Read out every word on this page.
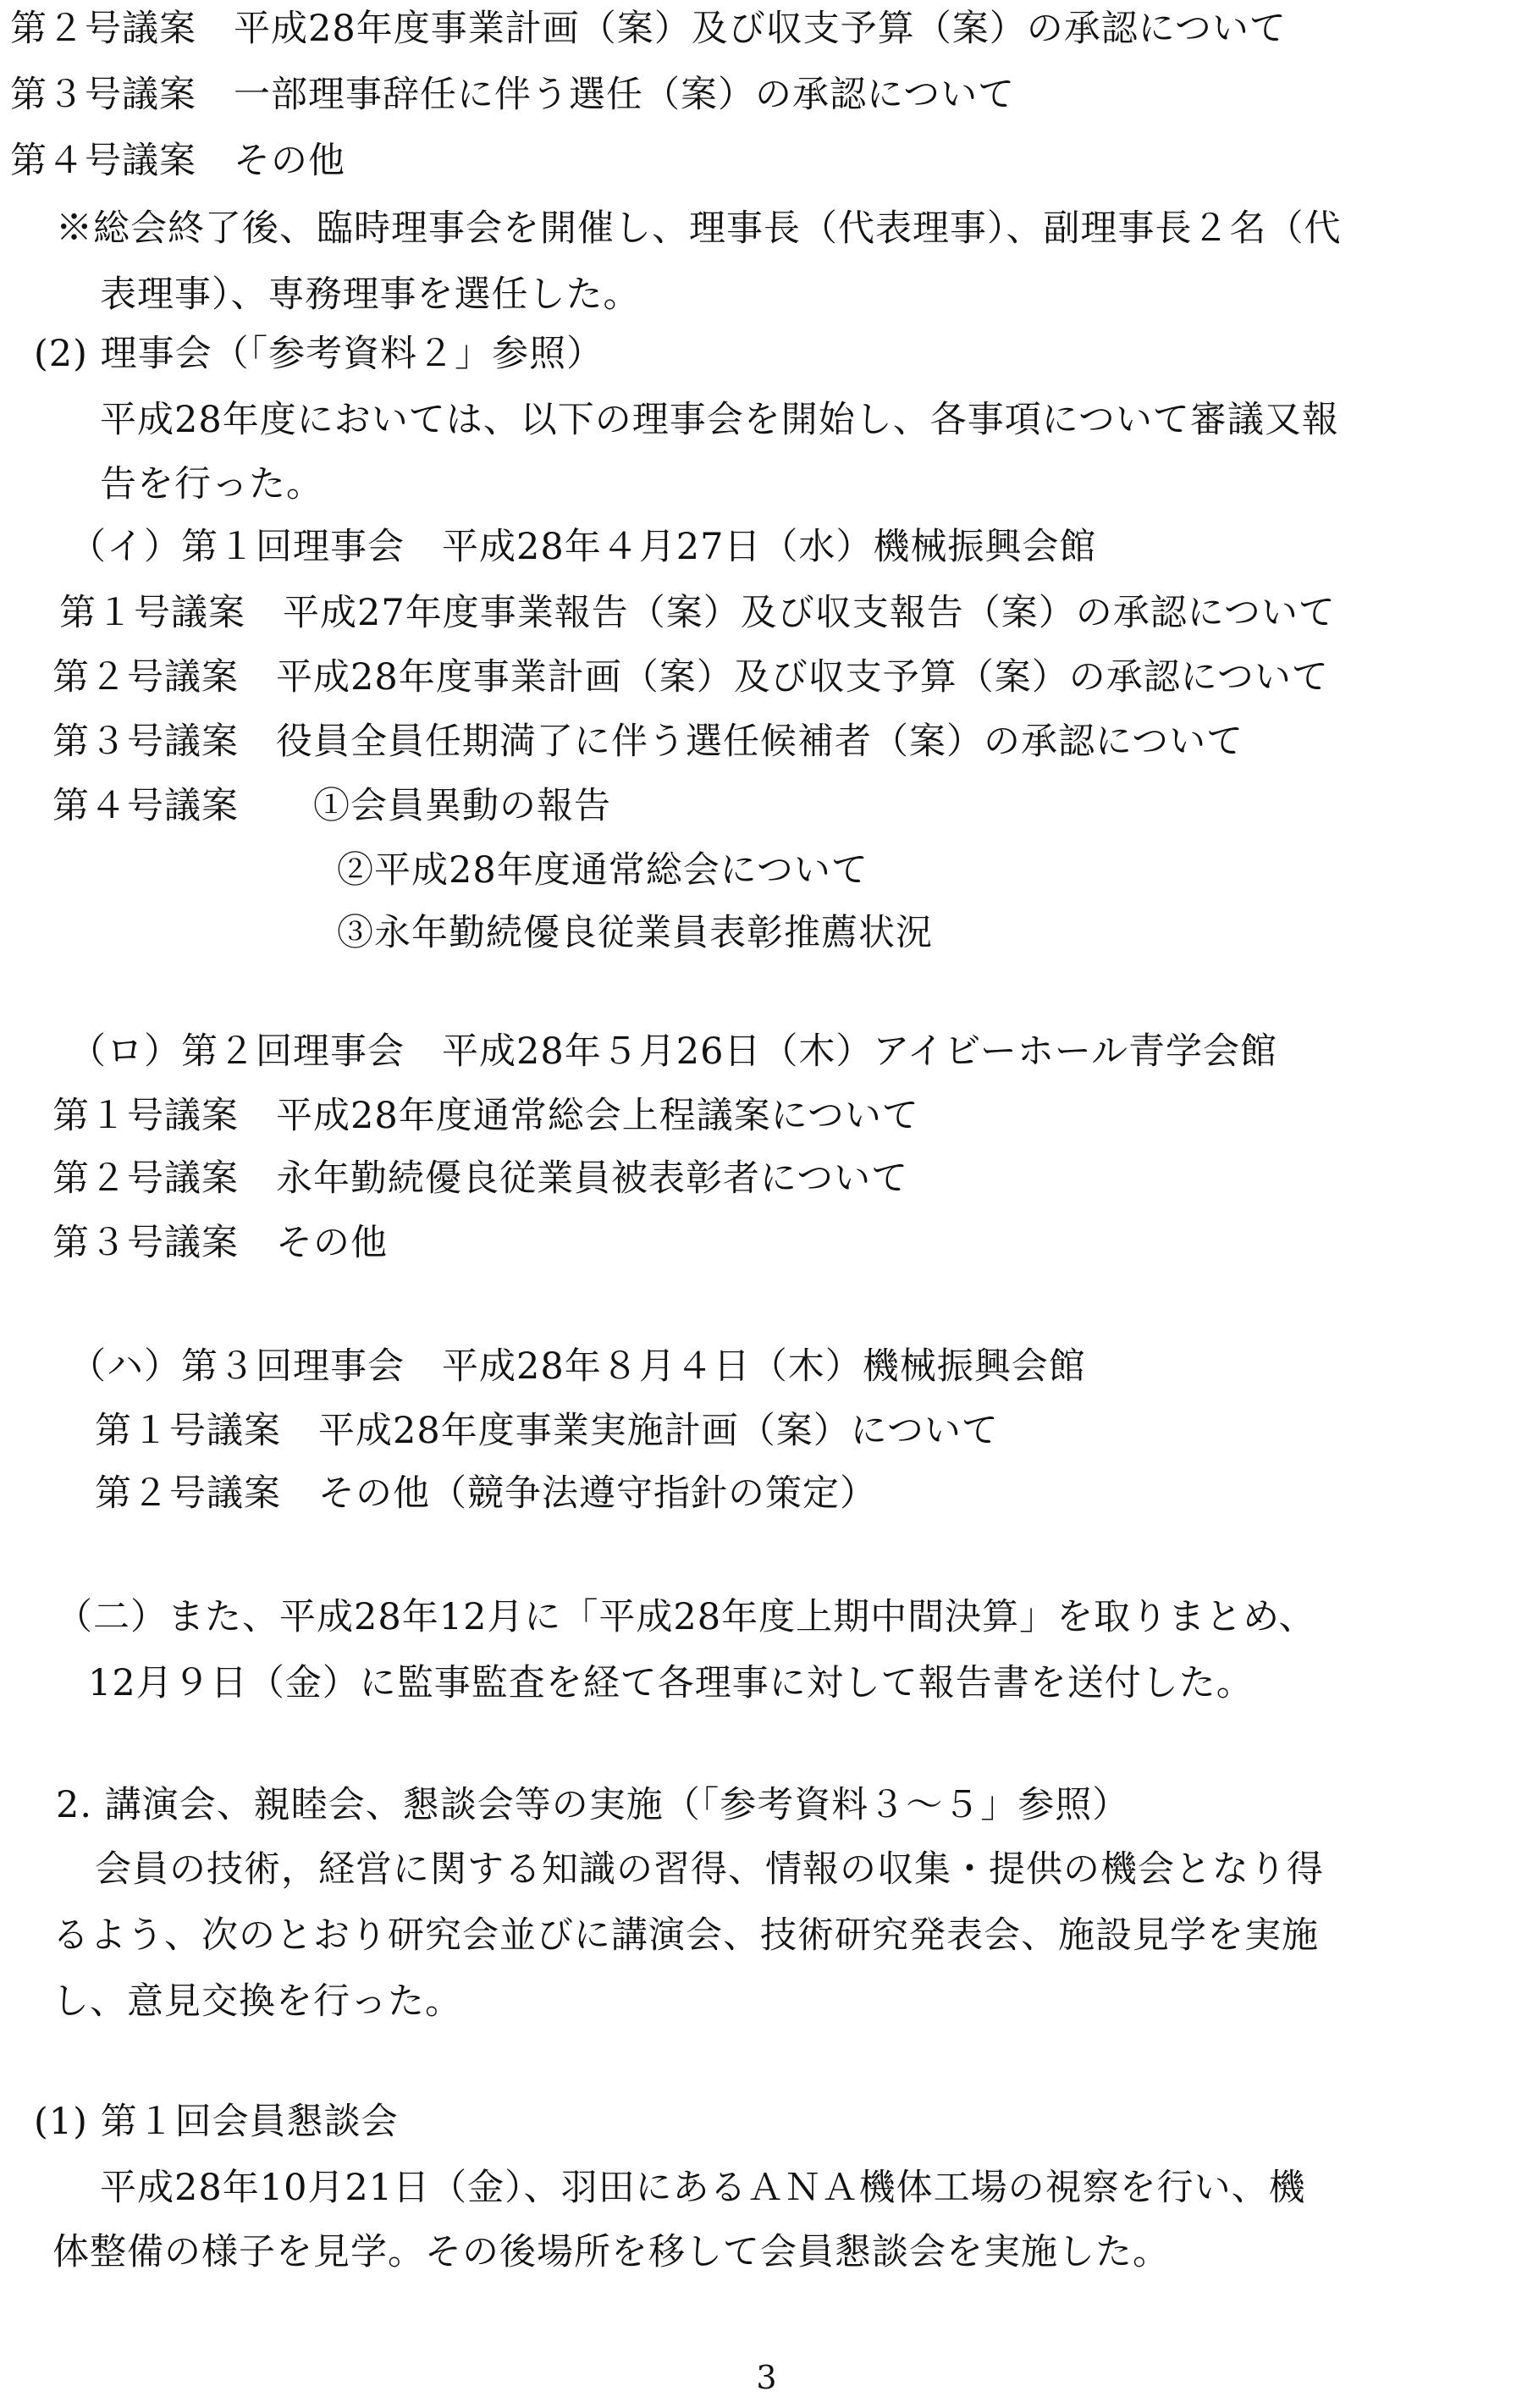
第２号議案　平成28年度事業計画（案）及び収支予算（案）の承認について
第３号議案　一部理事辞任に伴う選任（案）の承認について
第４号議案　その他
※総会終了後、臨時理事会を開催し、理事長（代表理事）、副理事長２名（代
表理事）、専務理事を選任した。
(2) 理事会（「参考資料２」参照）
平成28年度においては、以下の理事会を開始し、各事項について審議又報
告を行った。
（イ）第１回理事会　平成28年４月27日（水）機械振興会館
第１号議案　平成27年度事業報告（案）及び収支報告（案）の承認について
第２号議案　平成28年度事業計画（案）及び収支予算（案）の承認について
第３号議案　役員全員任期満了に伴う選任候補者（案）の承認について
第４号議案　　①会員異動の報告
②平成28年度通常総会について
③永年勤続優良従業員表彰推薦状況
（ロ）第２回理事会　平成28年５月26日（木）アイビーホール青学会館
第１号議案　平成28年度通常総会上程議案について
第２号議案　永年勤続優良従業員被表彰者について
第３号議案　その他
（ハ）第３回理事会　平成28年８月４日（木）機械振興会館
第１号議案　平成28年度事業実施計画（案）について
第２号議案　その他（競争法遵守指針の策定）
（二）また、平成28年12月に「平成28年度上期中間決算」を取りまとめ、
12月９日（金）に監事監査を経て各理事に対して報告書を送付した。
2. 講演会、親睦会、懇談会等の実施（「参考資料３～５」参照）
会員の技術，経営に関する知識の習得、情報の収集・提供の機会となり得
るよう、次のとおり研究会並びに講演会、技術研究発表会、施設見学を実施
し、意見交換を行った。
(1) 第１回会員懇談会
平成28年10月21日（金）、羽田にあるＡＮＡ機体工場の視察を行い、機
体整備の様子を見学。その後場所を移して会員懇談会を実施した。
3
